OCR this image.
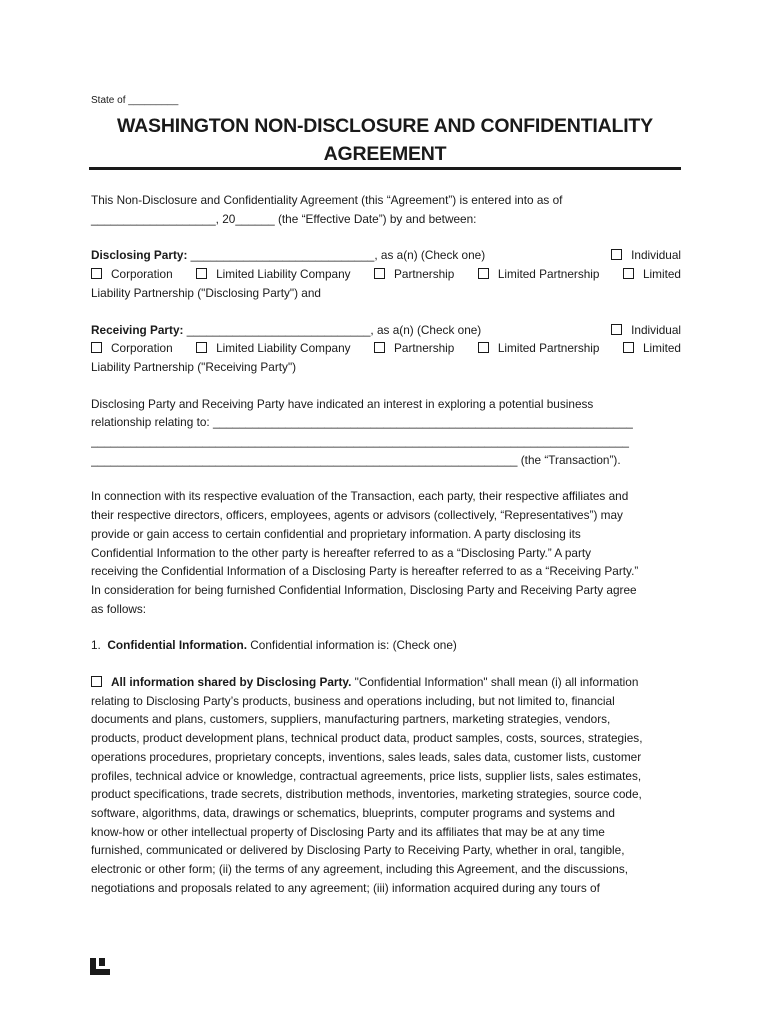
State of _________
WASHINGTON NON-DISCLOSURE AND CONFIDENTIALITY
AGREEMENT

This Non-Disclosure and Confidentiality Agreement (this “Agreement”) is entered into as of
___________________, 20______ (the “Effective Date”) by and between:

Disclosing Party: ____________________________, as a(n) (Check one)	Individual
Corporation	Limited Liability Company	Partnership	Limited Partnership	Limited
Liability Partnership ("Disclosing Party") and
Receiving Party: ____________________________, as a(n) (Check one)	Individual
Corporation	Limited Liability Company	Partnership	Limited Partnership	Limited
Liability Partnership ("Receiving Party")
Disclosing Party and Receiving Party have indicated an interest in exploring a potential business
relationship relating to: ________________________________________________________________
__________________________________________________________________________________
_________________________________________________________________ (the “Transaction”).
In connection with its respective evaluation of the Transaction, each party, their respective affiliates and
their respective directors, officers, employees, agents or advisors (collectively, “Representatives”) may
provide or gain access to certain confidential and proprietary information. A party disclosing its
Confidential Information to the other party is hereafter referred to as a “Disclosing Party.” A party
receiving the Confidential Information of a Disclosing Party is hereafter referred to as a “Receiving Party.”
In consideration for being furnished Confidential Information, Disclosing Party and Receiving Party agree
as follows:
1. Confidential Information. Confidential information is: (Check one)
All information shared by Disclosing Party. "Confidential Information" shall mean (i) all information
relating to Disclosing Party’s products, business and operations including, but not limited to, financial
documents and plans, customers, suppliers, manufacturing partners, marketing strategies, vendors,
products, product development plans, technical product data, product samples, costs, sources, strategies,
operations procedures, proprietary concepts, inventions, sales leads, sales data, customer lists, customer
profiles, technical advice or knowledge, contractual agreements, price lists, supplier lists, sales estimates,
product specifications, trade secrets, distribution methods, inventories, marketing strategies, source code,
software, algorithms, data, drawings or schematics, blueprints, computer programs and systems and
know-how or other intellectual property of Disclosing Party and its affiliates that may be at any time
furnished, communicated or delivered by Disclosing Party to Receiving Party, whether in oral, tangible,
electronic or other form; (ii) the terms of any agreement, including this Agreement, and the discussions,
negotiations and proposals related to any agreement; (iii) information acquired during any tours of
